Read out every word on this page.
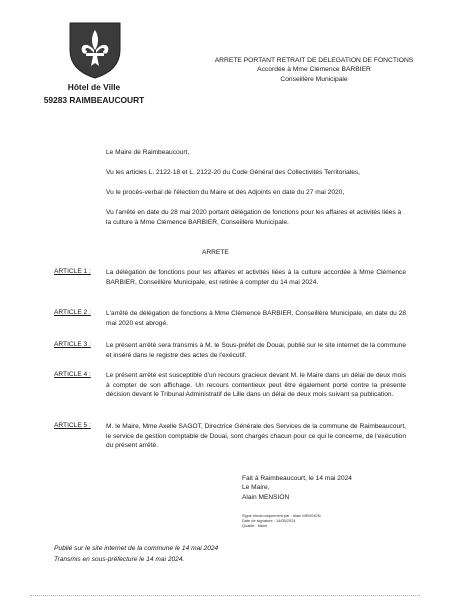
Hôtel de Ville
59283 RAIMBEAUCOURT
ARRETE PORTANT RETRAIT DE DELEGATION DE FONCTIONS
Accordée à Mme Clémence BARBIER
Conseillère Municipale
Le Maire de Raimbeaucourt,
Vu les articles L. 2122-18 et L. 2122-20 du Code Général des Collectivités Territoriales,
Vu le procès-verbal de l'élection du Maire et des Adjoints en date du 27 mai 2020,
Vu l'arrêté en date du 28 mai 2020 portant délégation de fonctions pour les affaires et activités liées à la culture à Mme Clémence BARBIER, Conseillère Municipale.
ARRETE
ARTICLE 1 : La délégation de fonctions pour les affaires et activités liées à la culture accordée à Mme Clémence BARBIER, Conseillère Municipale, est retirée à compter du 14 mai 2024.
ARTICLE 2 : L'arrêté de délégation de fonctions à Mme Clémence BARBIER, Conseillère Municipale, en date du 28 mai 2020 est abrogé.
ARTICLE 3 : Le présent arrêté sera transmis à M. le Sous-préfet de Douai, publié sur le site internet de la commune et inséré dans le registre des actes de l'exécutif.
ARTICLE 4 : Le présent arrêté est susceptible d'un recours gracieux devant M. le Maire dans un délai de deux mois à compter de son affichage. Un recours contentieux peut être également porté contre la présente décision devant le Tribunal Administratif de Lille dans un délai de deux mois suivant sa publication.
ARTICLE 5 : M. le Maire, Mme Axelle SAGOT, Directrice Générale des Services de la commune de Raimbeaucourt, le service de gestion comptable de Douai, sont chargés chacun pour ce qui le concerne, de l'exécution du présent arrêté.
Fait à Raimbeaucourt, le 14 mai 2024
Le Maire,
Alain MENSION
Signé électroniquement par : Alain MENSION
Date de signature : 14/05/2024
Qualité : Maire
Publié sur le site internet de la commune le 14 mai 2024
Transmis en sous-préfecture le 14 mai 2024.
